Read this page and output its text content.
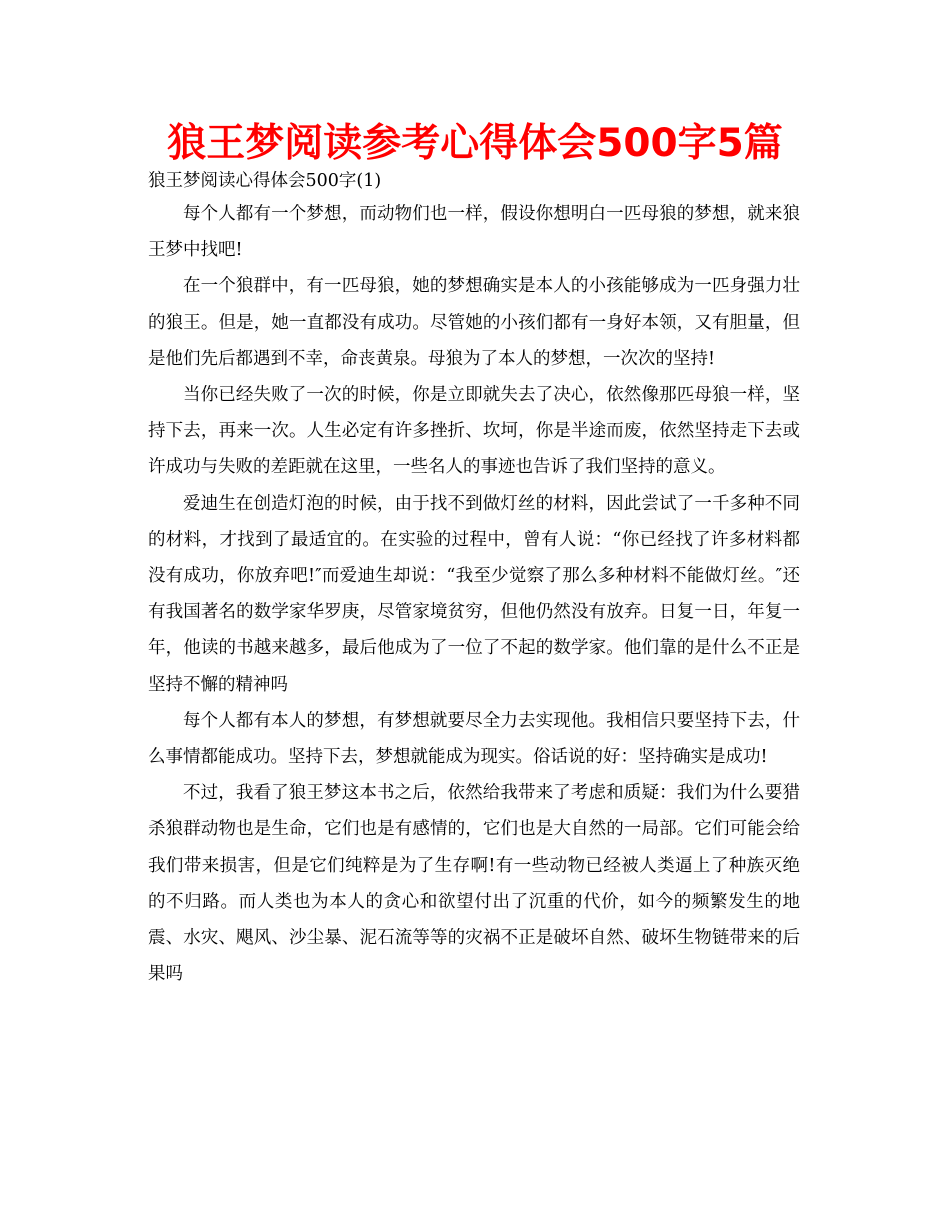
狼王梦阅读参考心得体会500字5篇

狼王梦阅读心得体会500字(1)

每个人都有一个梦想，而动物们也一样，假设你想明白一匹母狼的梦想，就来狼王梦中找吧!

在一个狼群中，有一匹母狼，她的梦想确实是本人的小孩能够成为一匹身强力壮的狼王。但是，她一直都没有成功。尽管她的小孩们都有一身好本领，又有胆量，但是他们先后都遇到不幸，命丧黄泉。母狼为了本人的梦想，一次次的坚持!

当你已经失败了一次的时候，你是立即就失去了决心，依然像那匹母狼一样，坚持下去，再来一次。人生必定有许多挫折、坎坷，你是半途而废，依然坚持走下去或许成功与失败的差距就在这里，一些名人的事迹也告诉了我们坚持的意义。

爱迪生在创造灯泡的时候，由于找不到做灯丝的材料，因此尝试了一千多种不同的材料，才找到了最适宜的。在实验的过程中，曾有人说：“你已经找了许多材料都没有成功，你放弃吧!″而爱迪生却说：“我至少觉察了那么多种材料不能做灯丝。″还有我国著名的数学家华罗庚，尽管家境贫穷，但他仍然没有放弃。日复一日，年复一年，他读的书越来越多，最后他成为了一位了不起的数学家。他们靠的是什么不正是坚持不懈的精神吗

每个人都有本人的梦想，有梦想就要尽全力去实现他。我相信只要坚持下去，什么事情都能成功。坚持下去，梦想就能成为现实。俗话说的好：坚持确实是成功!

不过，我看了狼王梦这本书之后，依然给我带来了考虑和质疑：我们为什么要猎杀狼群动物也是生命，它们也是有感情的，它们也是大自然的一局部。它们可能会给我们带来损害，但是它们纯粹是为了生存啊!有一些动物已经被人类逼上了种族灭绝的不归路。而人类也为本人的贪心和欲望付出了沉重的代价，如今的频繁发生的地震、水灾、飓风、沙尘暴、泥石流等等的灾祸不正是破坏自然、破坏生物链带来的后果吗
